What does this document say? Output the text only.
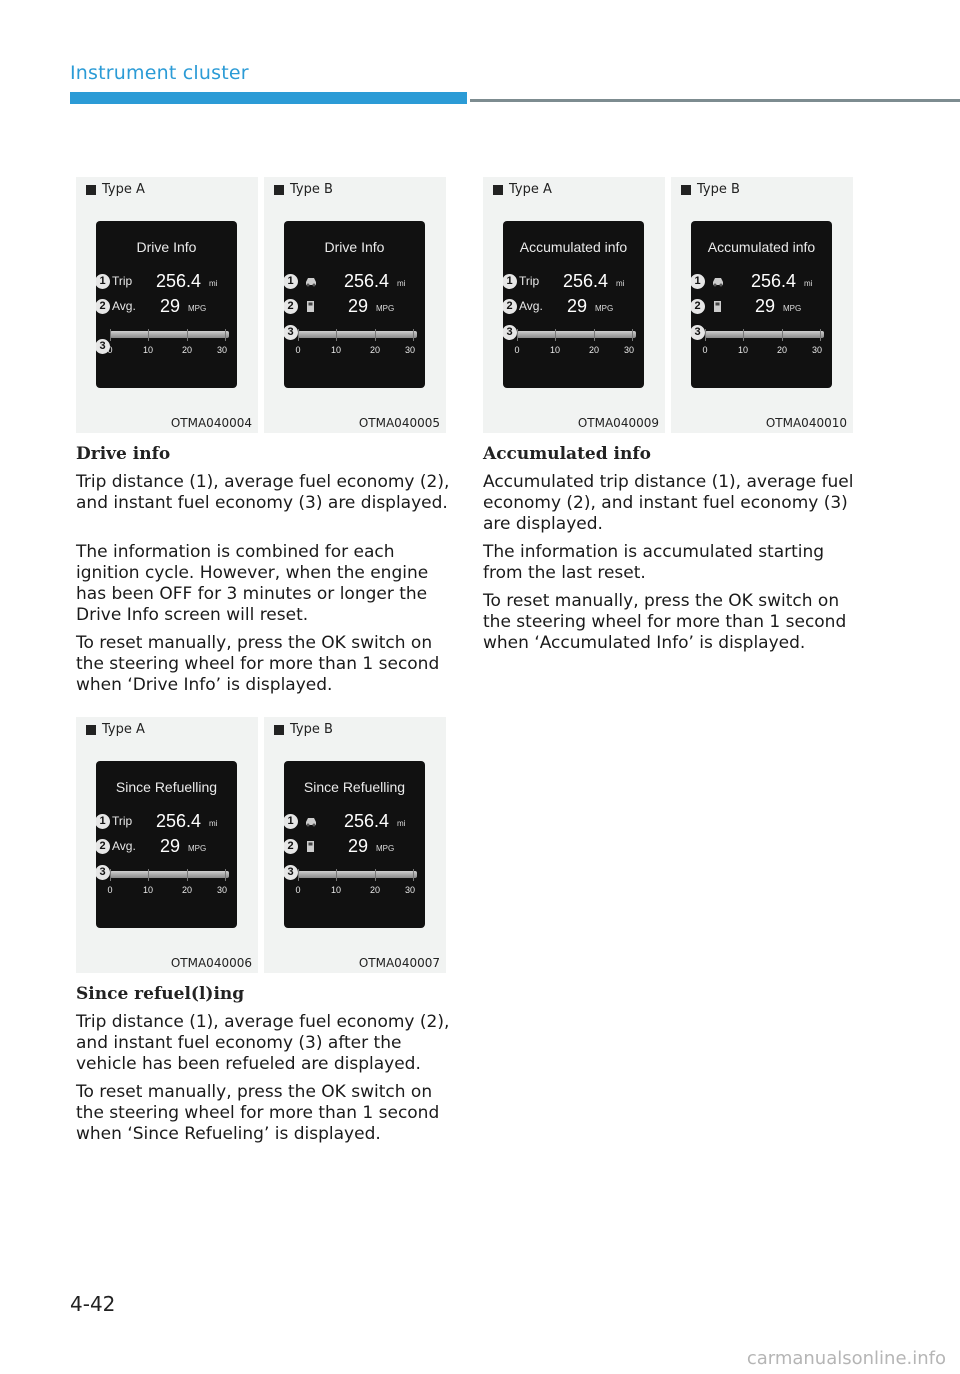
Instrument cluster
Type A
Drive Info
1 Trip 256.4 mi
2 Avg. 29 MPG
3 0	10	20	30
OTMA040004
Type B
Drive Info
1	256.4 mi
2	29 MPG
3
0	10	20	30
OTMA040005
Drive info
Trip distance (1), average fuel economy (2), and instant fuel economy (3) are displayed.
The information is combined for each ignition cycle. However, when the engine has been OFF for 3 minutes or longer the Drive Info screen will reset.
To reset manually, press the OK switch on the steering wheel for more than 1 second when ‘Drive Info’ is displayed.
Type A
Since Refuelling
1 Trip 256.4 mi
2 Avg. 29 MPG
3
0	10	20	30
OTMA040006
Type B
Since Refuelling
1	256.4 mi
2	29 MPG
3
0	10	20	30
OTMA040007
Since refuel(l)ing
Trip distance (1), average fuel economy (2), and instant fuel economy (3) after the vehicle has been refueled are displayed.
To reset manually, press the OK switch on the steering wheel for more than 1 second when ‘Since Refueling’ is displayed.
Type A
Accumulated info
1 Trip 256.4 mi
2 Avg. 29 MPG
3
0	10	20	30
OTMA040009
Type B
Accumulated info
1	256.4 mi
2	29 MPG
3
0	10	20	30
OTMA040010
Accumulated info
Accumulated trip distance (1), average fuel economy (2), and instant fuel economy (3) are displayed.
The information is accumulated starting from the last reset.
To reset manually, press the OK switch on the steering wheel for more than 1 second when ‘Accumulated Info’ is displayed.
4-42
carmanualsonline.info
